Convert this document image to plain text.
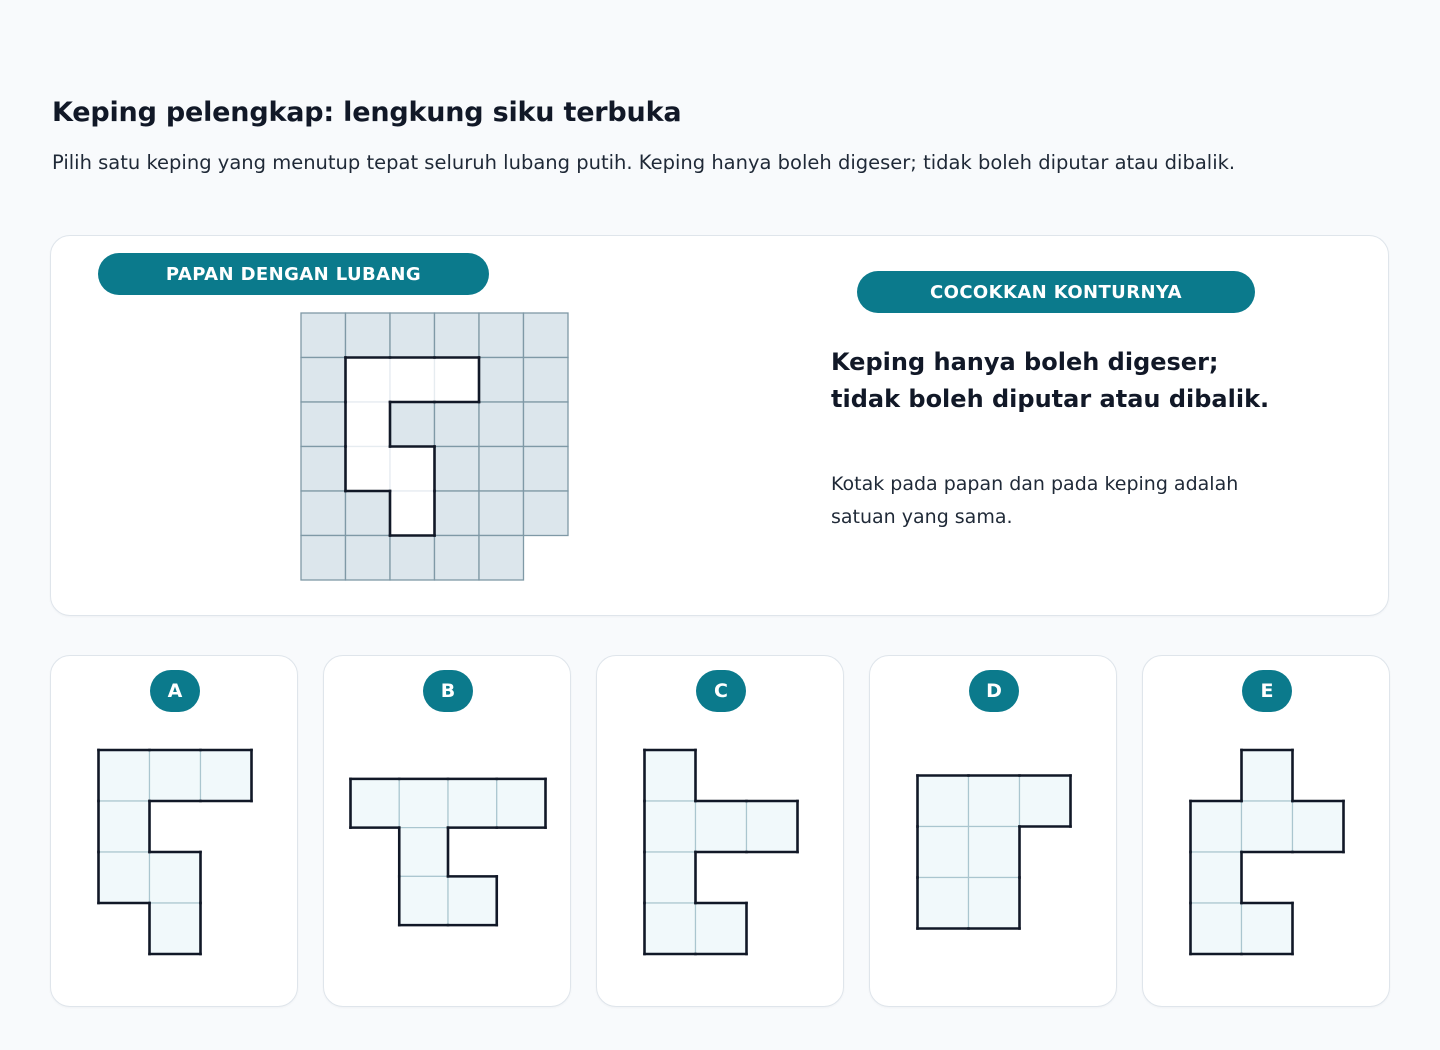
Keping pelengkap: lengkung siku terbuka

Pilih satu keping yang menutup tepat seluruh lubang putih. Keping hanya boleh digeser; tidak boleh diputar atau dibalik.

PAPAN DENGAN LUBANG
COCOKKAN KONTURNYA

Keping hanya boleh digeser; tidak boleh diputar atau dibalik.

Kotak pada papan dan pada keping adalah satuan yang sama.

A	B	C	D	E
